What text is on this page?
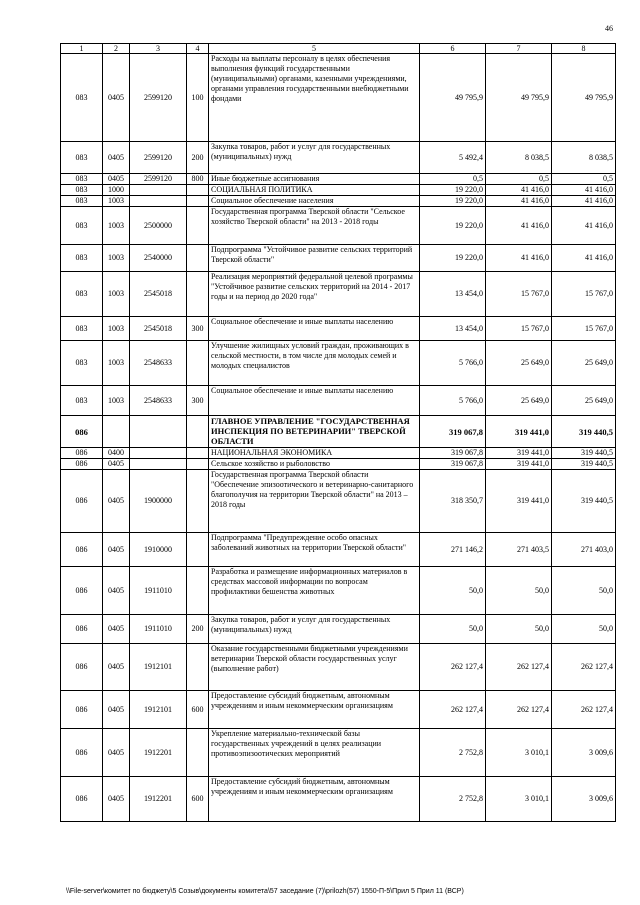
46
1	2	3	4	5	6	7	8
083	0405	2599120	100	Расходы на выплаты персоналу в целях обеспечения выполнения функций государственными (муниципальными) органами, казенными учреждениями, органами управления государственными внебюджетными фондами	49 795,9	49 795,9	49 795,9
083	0405	2599120	200	Закупка товаров, работ и услуг для государственных (муниципальных) нужд	5 492,4	8 038,5	8 038,5
083	0405	2599120	800	Иные бюджетные ассигнования	0,5	0,5	0,5
083	1000			СОЦИАЛЬНАЯ ПОЛИТИКА	19 220,0	41 416,0	41 416,0
083	1003			Социальное обеспечение населения	19 220,0	41 416,0	41 416,0
083	1003	2500000		Государственная программа Тверской области "Сельское хозяйство Тверской области" на 2013 - 2018 годы	19 220,0	41 416,0	41 416,0
083	1003	2540000		Подпрограмма "Устойчивое развитие сельских территорий Тверской области"	19 220,0	41 416,0	41 416,0
083	1003	2545018		Реализация мероприятий федеральной целевой программы "Устойчивое развитие сельских территорий на 2014 - 2017 годы и на период до 2020 года"	13 454,0	15 767,0	15 767,0
083	1003	2545018	300	Социальное обеспечение и иные выплаты населению	13 454,0	15 767,0	15 767,0
083	1003	2548633		Улучшение жилищных условий граждан, проживающих в сельской местности, в том числе для молодых семей и молодых специалистов	5 766,0	25 649,0	25 649,0
083	1003	2548633	300	Социальное обеспечение и иные выплаты населению	5 766,0	25 649,0	25 649,0
086				ГЛАВНОЕ УПРАВЛЕНИЕ "ГОСУДАРСТВЕННАЯ ИНСПЕКЦИЯ ПО ВЕТЕРИНАРИИ" ТВЕРСКОЙ ОБЛАСТИ	319 067,8	319 441,0	319 440,5
086	0400			НАЦИОНАЛЬНАЯ ЭКОНОМИКА	319 067,8	319 441,0	319 440,5
086	0405			Сельское хозяйство и рыболовство	319 067,8	319 441,0	319 440,5
086	0405	1900000		Государственная программа Тверской области "Обеспечение эпизоотического и ветеринарно-санитарного благополучия на территории Тверской области" на 2013 – 2018 годы	318 350,7	319 441,0	319 440,5
086	0405	1910000		Подпрограмма "Предупреждение особо опасных заболеваний животных на территории Тверской области"	271 146,2	271 403,5	271 403,0
086	0405	1911010		Разработка и размещение информационных материалов в средствах массовой информации по вопросам профилактики бешенства животных	50,0	50,0	50,0
086	0405	1911010	200	Закупка товаров, работ и услуг для государственных (муниципальных) нужд	50,0	50,0	50,0
086	0405	1912101		Оказание государственными бюджетными учреждениями ветеринарии Тверской области государственных услуг (выполнение работ)	262 127,4	262 127,4	262 127,4
086	0405	1912101	600	Предоставление субсидий бюджетным, автономным учреждениям и иным некоммерческим организациям	262 127,4	262 127,4	262 127,4
086	0405	1912201		Укрепление материально-технической базы государственных учреждений в целях реализации противоэпизоотических мероприятий	2 752,8	3 010,1	3 009,6
086	0405	1912201	600	Предоставление субсидий бюджетным, автономным учреждениям и иным некоммерческим организациям	2 752,8	3 010,1	3 009,6
\\File-server\комитет по бюджету\5 Созыв\документы комитета\57 заседание (7)\prilozh(57) 1550-П-5\Прил 5 Прил 11 (ВСР)
